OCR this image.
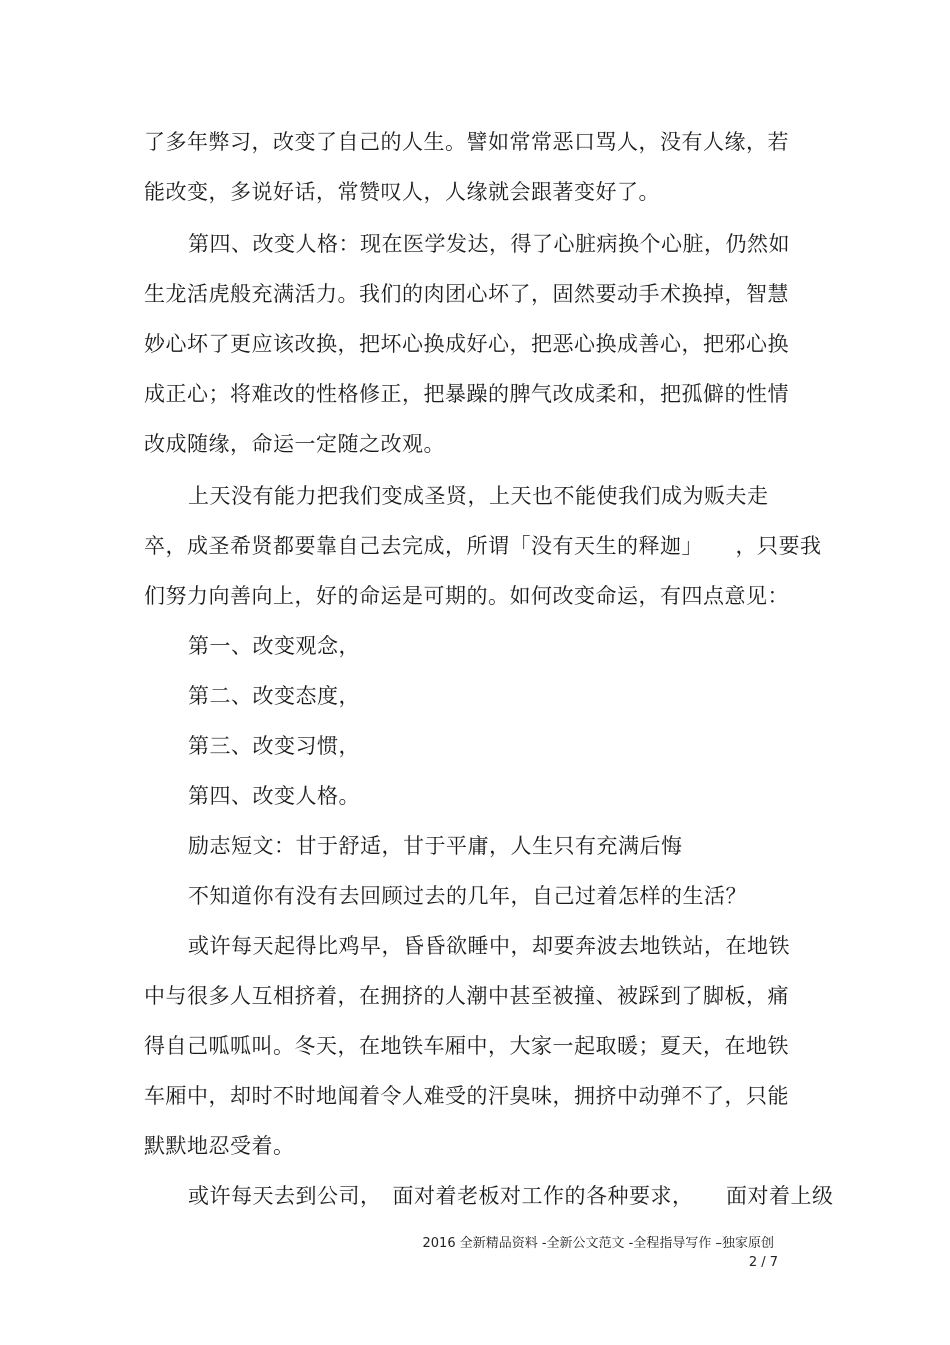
了多年弊习，改变了自己的人生。譬如常常恶口骂人，没有人缘，若
能改变，多说好话，常赞叹人，人缘就会跟著变好了。
第四、改变人格：现在医学发达，得了心脏病换个心脏，仍然如
生龙活虎般充满活力。我们的肉团心坏了，固然要动手术换掉，智慧
妙心坏了更应该改换，把坏心换成好心，把恶心换成善心，把邪心换
成正心；将难改的性格修正，把暴躁的脾气改成柔和，把孤僻的性情
改成随缘，命运一定随之改观。
上天没有能力把我们变成圣贤，上天也不能使我们成为贩夫走
卒，成圣希贤都要靠自己去完成，所谓「没有天生的释迦」　　，只要我
们努力向善向上，好的命运是可期的。如何改变命运，有四点意见：
第一、改变观念，
第二、改变态度，
第三、改变习惯，
第四、改变人格。
励志短文：甘于舒适，甘于平庸，人生只有充满后悔
不知道你有没有去回顾过去的几年，自己过着怎样的生活？
或许每天起得比鸡早，昏昏欲睡中，却要奔波去地铁站，在地铁
中与很多人互相挤着，在拥挤的人潮中甚至被撞、被踩到了脚板，痛
得自己呱呱叫。冬天，在地铁车厢中，大家一起取暖；夏天，在地铁
车厢中，却时不时地闻着令人难受的汗臭味，拥挤中动弹不了，只能
默默地忍受着。
或许每天去到公司，　面对着老板对工作的各种要求，　　面对着上级
2016 全新精品资料 -全新公文范文 -全程指导写作 –独家原创
2 / 7
